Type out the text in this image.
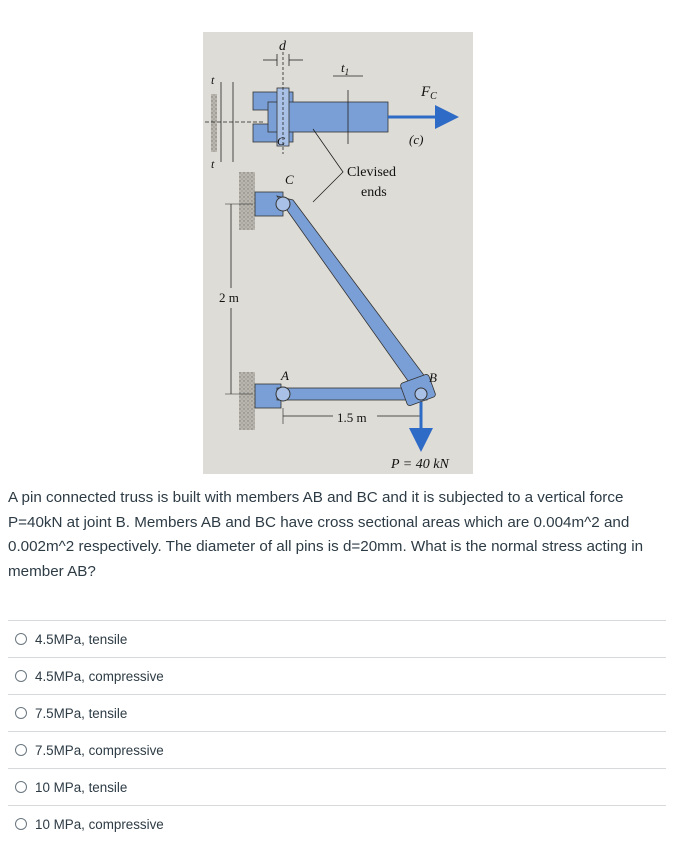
d
t
t
$t_1$
$F_C$
C	(c)
Clevised
ends
2 m
1.5 m
C
A	B
P = 40 kN
A pin connected truss is built with members AB and BC and it is subjected to a vertical force P=40kN at joint B. Members AB and BC have cross sectional areas which are 0.004m^2 and 0.002m^2 respectively. The diameter of all pins is d=20mm. What is the normal stress acting in member AB?
4.5MPa, tensile
4.5MPa, compressive
7.5MPa, tensile
7.5MPa, compressive
10 MPa, tensile
10 MPa, compressive
